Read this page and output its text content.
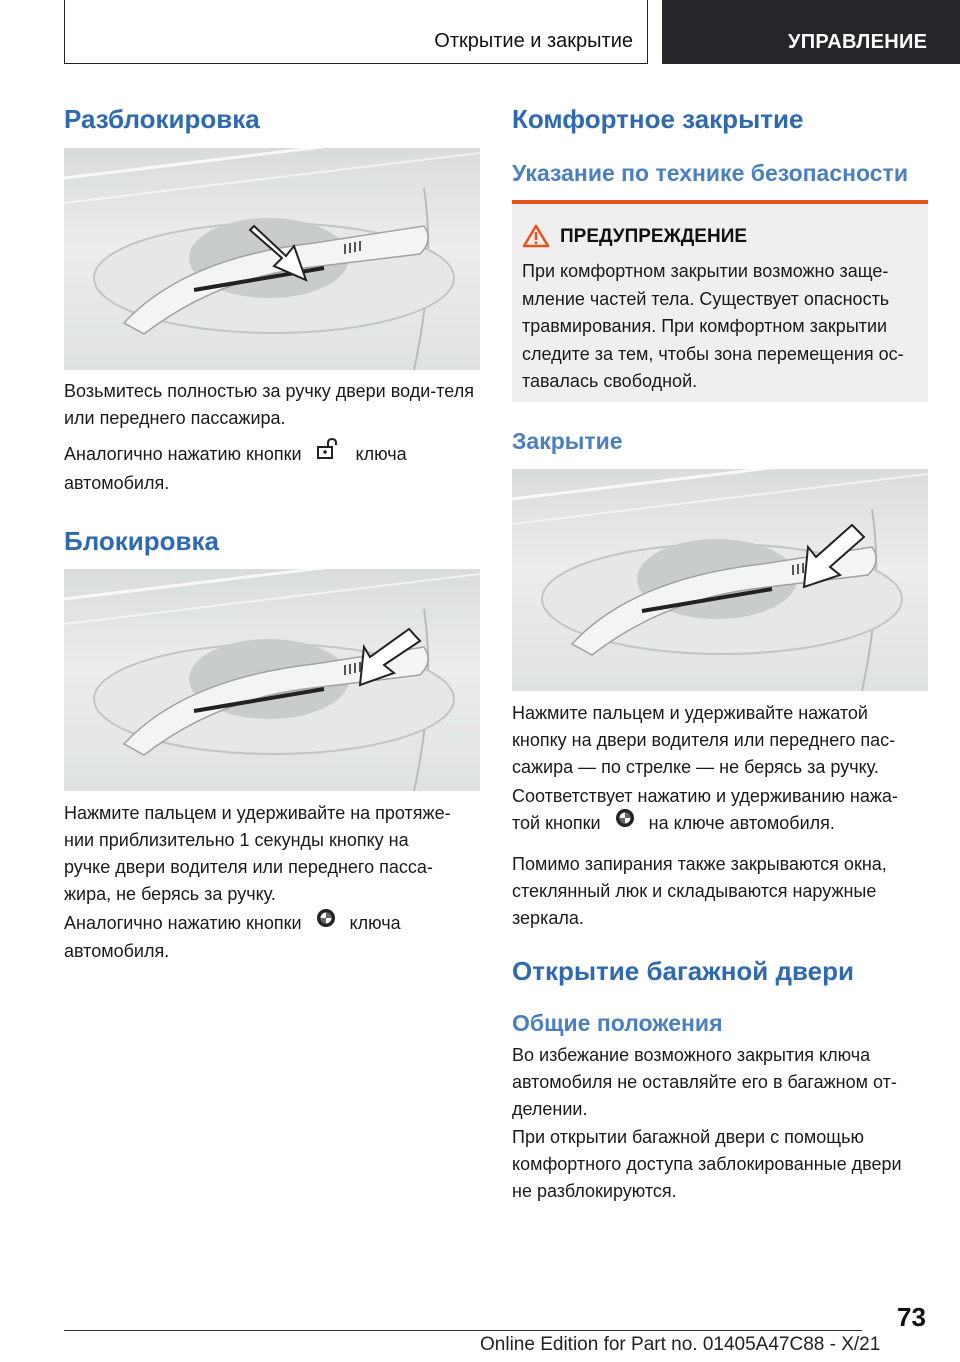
Открытие и закрытие	УПРАВЛЕНИЕ
Разблокировка

Возьмитесь полностью за ручку двери води-теля или переднего пассажира.

Аналогично нажатию кнопки	ключа
автомобиля.

Блокировка

Нажмите пальцем и удерживайте на протяже-
нии приблизительно 1 секунды кнопку на
ручке двери водителя или переднего пасса-
жира, не берясь за ручку.

Аналогично нажатию кнопки	ключа
автомобиля.

Комфортное закрытие
Указание по технике безопасности
ПРЕДУПРЕЖДЕНИЕ

При комфортном закрытии возможно заще-
мление частей тела. Существует опасность
травмирования. При комфортном закрытии
следите за тем, чтобы зона перемещения ос-
тавалась свободной.

Закрытие

Нажмите пальцем и удерживайте нажатой
кнопку на двери водителя или переднего пас-
сажира — по стрелке — не берясь за ручку.

Соответствует нажатию и удерживанию нажа-
той кнопки	на ключе автомобиля.

Помимо запирания также закрываются окна,
стеклянный люк и складываются наружные
зеркала.

Открытие багажной двери
Общие положения

Во избежание возможного закрытия ключа
автомобиля не оставляйте его в багажном от-
делении.

При открытии багажной двери с помощью
комфортного доступа заблокированные двери
не разблокируются.

73
Online Edition for Part no. 01405A47C88 - X/21
